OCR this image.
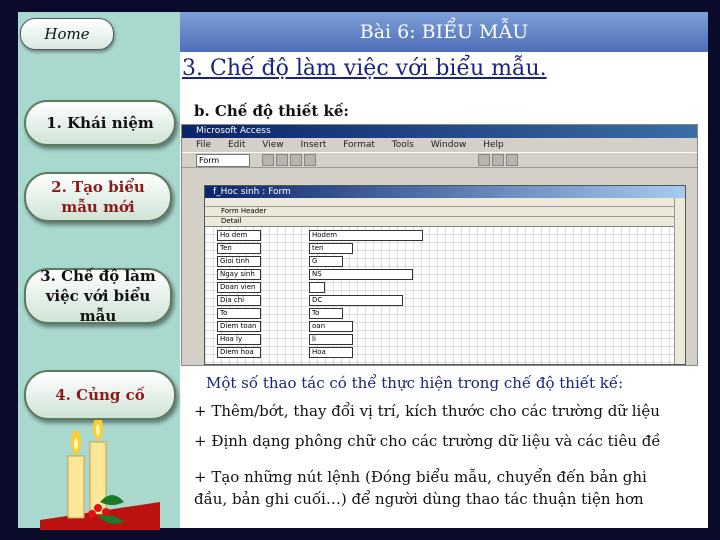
Bài 6: BIỂU MẪU
Home
3. Chế độ làm việc với biểu mẫu.
1. Khái niệm
2. Tạo biểu mẫu mới
3. Chế độ làm việc với biểu mẫu
4. Củng cố
b. Chế độ thiết kế:
Microsoft Access
File Edit View Insert Format Tools Window Help
Form
f_Hoc sinh : Form
Form Header
Detail
Ho dem	Hodem
Ten	ten
Gioi tinh	G
Ngay sinh	NS
Doan vien
Dia chi	DC
To	To
Diem toan	oan
Hoa ly	li
Diem hoa	Hoa
Một số thao tác có thể thực hiện trong chế độ thiết kế:
+ Thêm/bớt, thay đổi vị trí, kích thước cho các trường dữ liệu
+ Định dạng phông chữ cho các trường dữ liệu và các tiêu đề
+ Tạo những nút lệnh (Đóng biểu mẫu, chuyển đến bản ghi đầu, bản ghi cuối…) để người dùng thao tác thuận tiện hơn
